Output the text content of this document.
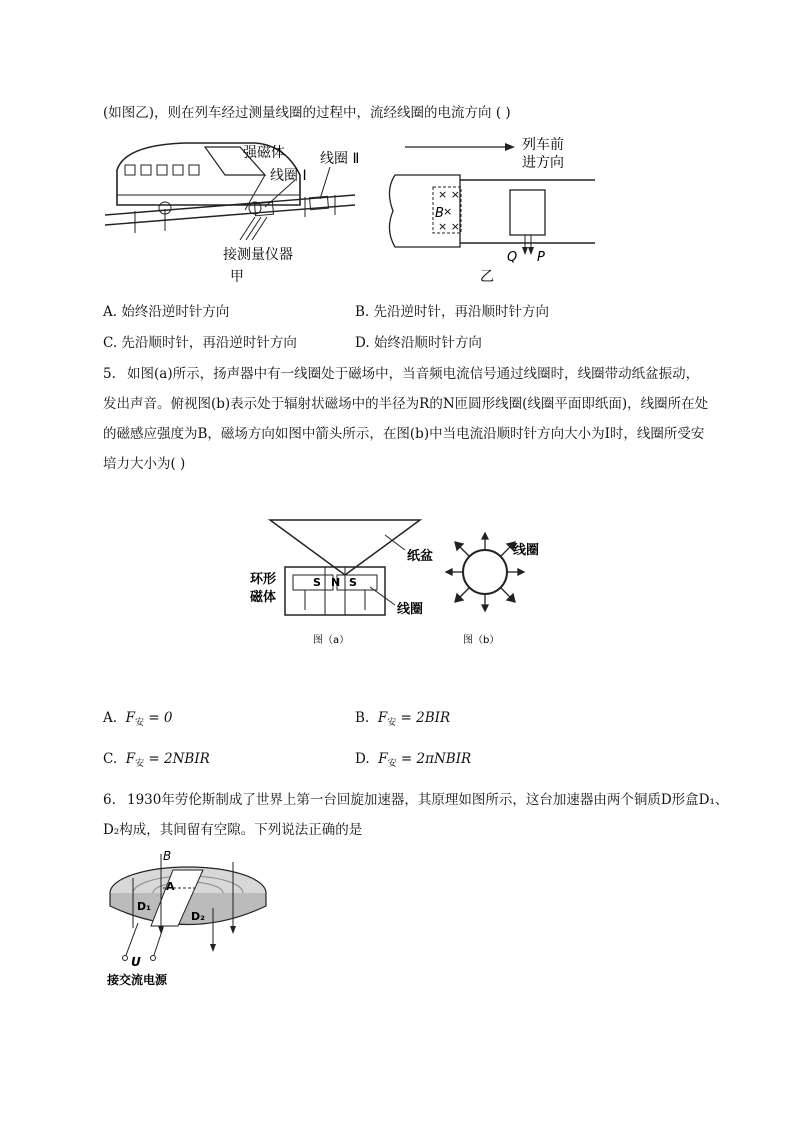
(如图乙)，则在列车经过测量线圈的过程中，流经线圈的电流方向 ( )
强磁体	线圈 Ⅱ
线圈 Ⅰ
接测量仪器
甲
列车前
进方向
× ×
×
× ×
B
Q P
乙
A. 始终沿逆时针方向	B. 先沿逆时针，再沿顺时针方向
C. 先沿顺时针，再沿逆时针方向	D. 始终沿顺时针方向
5. 如图(a)所示，扬声器中有一线圈处于磁场中，当音频电流信号通过线圈时，线圈带动纸盆振动，
发出声音。俯视图(b)表示处于辐射状磁场中的半径为R的N匝圆形线圈(线圈平面即纸面)，线圈所在处
的磁感应强度为B，磁场方向如图中箭头所示，在图(b)中当电流沿顺时针方向大小为I时，线圈所受安
培力大小为( )
纸盆
S N S
环形
磁体
线圈
图（a）
线圈
图（b）
A. $F_安 = 0$	B. $F_安 = 2BIR$
C. $F_安$ = 2NBIR	D. $F_安$ = 2πNBIR
6. 1930年劳伦斯制成了世界上第一台回旋加速器，其原理如图所示，这台加速器由两个铜质D形盒D₁、
D₂构成，其间留有空隙。下列说法正确的是
B
A
D₁
D₂
U
接交流电源
